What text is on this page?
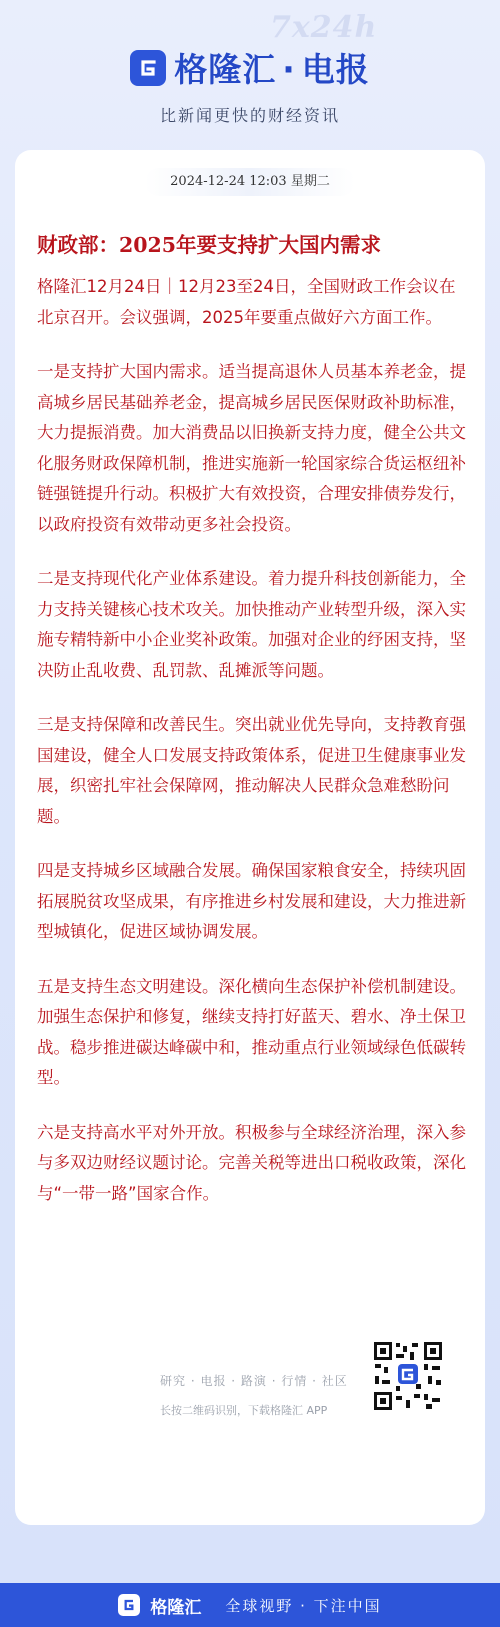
7x24h
格隆汇 · 电报
比新闻更快的财经资讯
2024-12-24 12:03 星期二
财政部：2025年要支持扩大国内需求

格隆汇12月24日｜12月23至24日，全国财政工作会议在北京召开。会议强调，2025年要重点做好六方面工作。

一是支持扩大国内需求。适当提高退休人员基本养老金，提高城乡居民基础养老金，提高城乡居民医保财政补助标准，大力提振消费。加大消费品以旧换新支持力度，健全公共文化服务财政保障机制，推进实施新一轮国家综合货运枢纽补链强链提升行动。积极扩大有效投资，合理安排债券发行，以政府投资有效带动更多社会投资。

二是支持现代化产业体系建设。着力提升科技创新能力，全力支持关键核心技术攻关。加快推动产业转型升级，深入实施专精特新中小企业奖补政策。加强对企业的纾困支持，坚决防止乱收费、乱罚款、乱摊派等问题。

三是支持保障和改善民生。突出就业优先导向，支持教育强国建设，健全人口发展支持政策体系，促进卫生健康事业发展，织密扎牢社会保障网，推动解决人民群众急难愁盼问题。

四是支持城乡区域融合发展。确保国家粮食安全，持续巩固拓展脱贫攻坚成果，有序推进乡村发展和建设，大力推进新型城镇化，促进区域协调发展。

五是支持生态文明建设。深化横向生态保护补偿机制建设。加强生态保护和修复，继续支持打好蓝天、碧水、净土保卫战。稳步推进碳达峰碳中和，推动重点行业领域绿色低碳转型。

六是支持高水平对外开放。积极参与全球经济治理，深入参与多双边财经议题讨论。完善关税等进出口税收政策，深化与“一带一路”国家合作。

研究 · 电报 · 路演 · 行情 · 社区
长按二维码识别，下载格隆汇 APP
格隆汇 全球视野 · 下注中国
